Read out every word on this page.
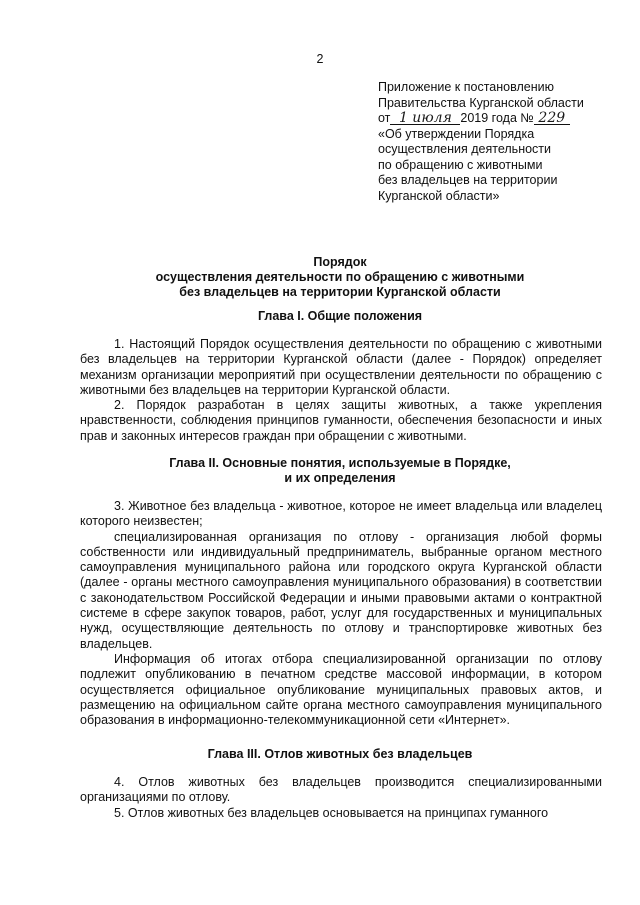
2
Приложение к постановлению
Правительства Курганской области
от 1 июля 2019 года № 229
«Об утверждении Порядка
осуществления деятельности
по обращению с животными
без владельцев на территории
Курганской области»
Порядок
осуществления деятельности по обращению с животными
без владельцев на территории Курганской области
Глава I. Общие положения

1. Настоящий Порядок осуществления деятельности по обращению с животными без владельцев на территории Курганской области (далее - Порядок) определяет механизм организации мероприятий при осуществлении деятельности по обращению с животными без владельцев на территории Курганской области.

2. Порядок разработан в целях защиты животных, а также укрепления нравственности, соблюдения принципов гуманности, обеспечения безопасности и иных прав и законных интересов граждан при обращении с животными.

Глава II. Основные понятия, используемые в Порядке,
и их определения

3. Животное без владельца - животное, которое не имеет владельца или владелец которого неизвестен;

специализированная организация по отлову - организация любой формы собственности или индивидуальный предприниматель, выбранные органом местного самоуправления муниципального района или городского округа Курганской области (далее - органы местного самоуправления муниципального образования) в соответствии с законодательством Российской Федерации и иными правовыми актами о контрактной системе в сфере закупок товаров, работ, услуг для государственных и муниципальных нужд, осуществляющие деятельность по отлову и транспортировке животных без владельцев.

Информация об итогах отбора специализированной организации по отлову подлежит опубликованию в печатном средстве массовой информации, в котором осуществляется официальное опубликование муниципальных правовых актов, и размещению на официальном сайте органа местного самоуправления муниципального образования в информационно-телекоммуникационной сети «Интернет».

Глава III. Отлов животных без владельцев

4. Отлов животных без владельцев производится специализированными организациями по отлову.

5. Отлов животных без владельцев основывается на принципах гуманного
